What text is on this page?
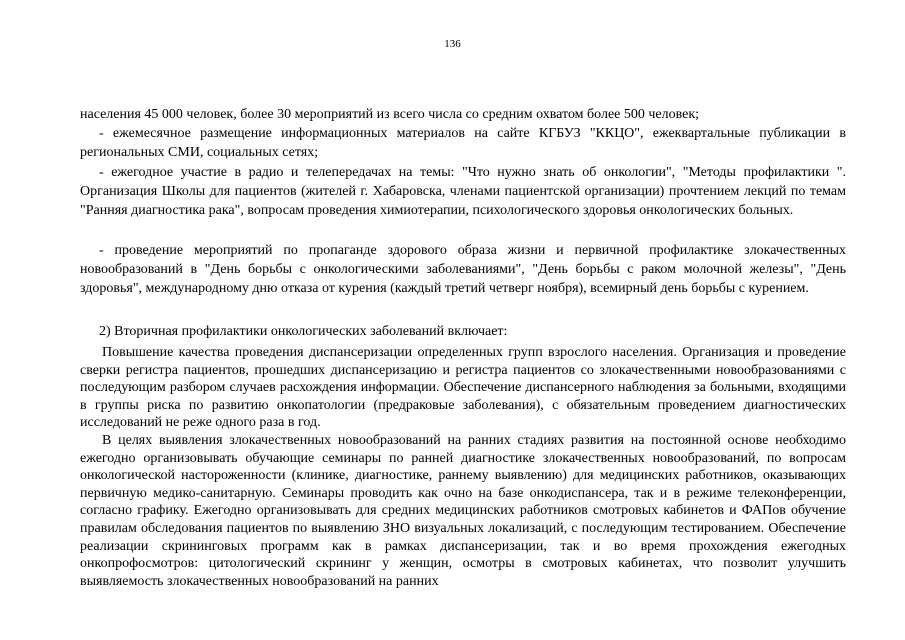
136

населения 45 000 человек, более 30 мероприятий из всего числа со средним охватом более 500 человек;

- ежемесячное размещение информационных материалов на сайте КГБУЗ "ККЦО", ежеквартальные публикации в региональных СМИ, социальных сетях;

- ежегодное участие в радио и телепередачах на темы: "Что нужно знать об онкологии", "Методы профилактики ". Организация Школы для пациентов (жителей г. Хабаровска, членами пациентской организации) прочтением лекций по темам "Ранняя диагностика рака", вопросам проведения химиотерапии, психологического здоровья онкологических больных.

- проведение мероприятий по пропаганде здорового образа жизни и первичной профилактике злокачественных новообразований в "День борьбы с онкологическими заболеваниями", "День борьбы с раком молочной железы", "День здоровья", международному дню отказа от курения (каждый третий четверг ноября), всемирный день борьбы с курением.

2) Вторичная профилактики онкологических заболеваний включает:

Повышение качества проведения диспансеризации определенных групп взрослого населения. Организация и проведение сверки регистра пациентов, прошедших диспансеризацию и регистра пациентов со злокачественными новообразованиями с последующим разбором случаев расхождения информации. Обеспечение диспансерного наблюдения за больными, входящими в группы риска по развитию онкопатологии (предраковые заболевания), с обязательным проведением диагностических исследований не реже одного раза в год.

В целях выявления злокачественных новообразований на ранних стадиях развития на постоянной основе необходимо ежегодно организовывать обучающие семинары по ранней диагностике злокачественных новообразований, по вопросам онкологической настороженности (клинике, диагностике, раннему выявлению) для медицинских работников, оказывающих первичную медико-санитарную. Семинары проводить как очно на базе онкодиспансера, так и в режиме телеконференции, согласно графику. Ежегодно организовывать для средних медицинских работников смотровых кабинетов и ФАПов обучение правилам обследования пациентов по выявлению ЗНО визуальных локализаций, с последующим тестированием. Обеспечение реализации скрининговых программ как в рамках диспансеризации, так и во время прохождения ежегодных онкопрофосмотров: цитологический скрининг у женщин, осмотры в смотровых кабинетах, что позволит улучшить выявляемость злокачественных новообразований на ранних
